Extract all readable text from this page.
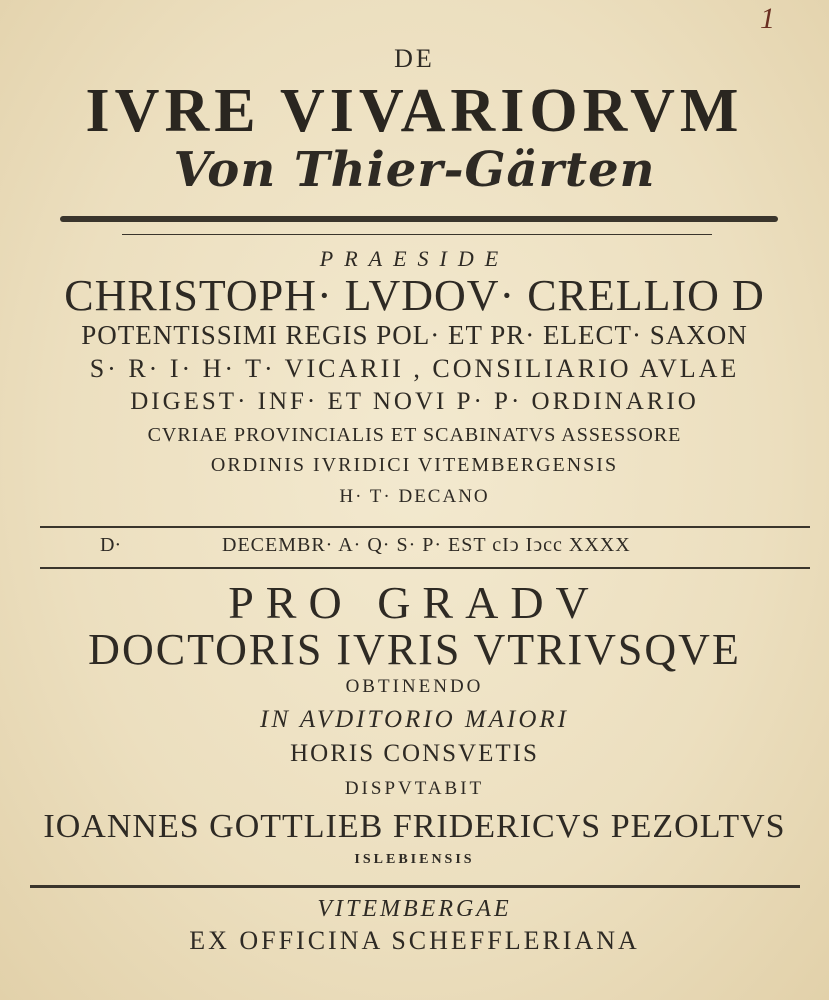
1
DE
IVRE VIVARIORVM
Von Thier-Gärten
PRAESIDE
CHRISTOPH· LVDOV· CRELLIO D
POTENTISSIMI REGIS POL· ET PR· ELECT· SAXON
S· R· I· H· T· VICARII , CONSILIARIO AVLAE
DIGEST· INF· ET NOVI P· P· ORDINARIO
CVRIAE PROVINCIALIS ET SCABINATVS ASSESSORE
ORDINIS IVRIDICI VITEMBERGENSIS
H· T· DECANO
D·	DECEMBR· A· Q· S· P· EST cIↄ Iↄcc XXXX
PRO GRADV
DOCTORIS IVRIS VTRIVSQVE
OBTINENDO
IN AVDITORIO MAIORI
HORIS CONSVETIS
DISPVTABIT
IOANNES GOTTLIEB FRIDERICVS PEZOLTVS
ISLEBIENSIS
VITEMBERGAE
EX OFFICINA SCHEFFLERIANA
